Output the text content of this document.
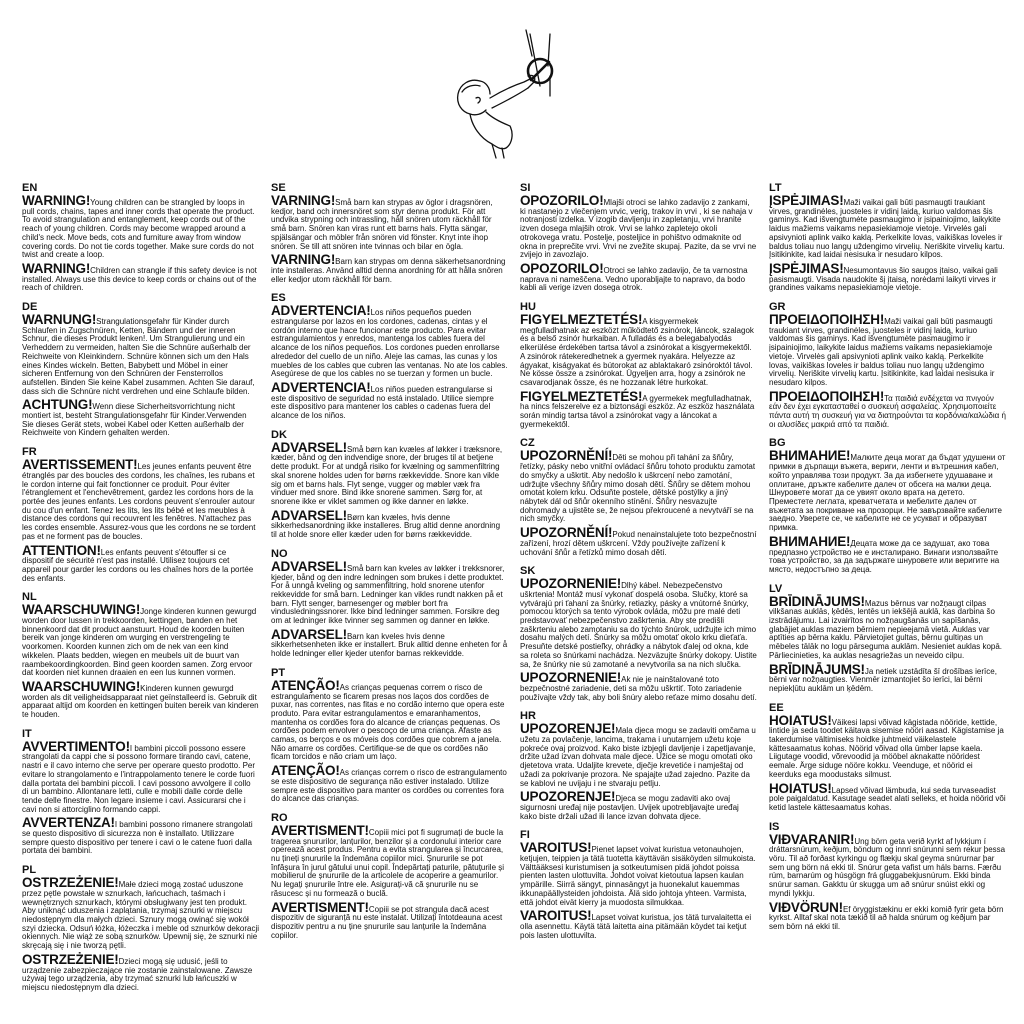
EN

WARNING!Young children can be strangled by loops in pull cords, chains, tapes and inner cords that operate the product. To avoid strangulation and entanglement, keep cords out of the reach of young children. Cords may become wrapped around a child's neck. Move beds, cots and furniture away from window covering cords. Do not tie cords together. Make sure cords do not twist and create a loop.

WARNING!Children can strangle if this safety device is not installed. Always use this device to keep cords or chains out of the reach of children.

DE

WARNUNG!Strangulationsgefahr für Kinder durch Schlaufen in Zugschnüren, Ketten, Bändern und der inneren Schnur, die dieses Produkt lenken!. Um Strangulierung und ein Verheddern zu vermeiden, halten Sie die Schnüre außerhalb der Reichweite von Kleinkindern. Schnüre können sich um den Hals eines Kindes wickeln. Betten, Babybett und Möbel in einer sicheren Entfernung von den Schnüren der Fensterrollos aufstellen. Binden Sie keine Kabel zusammen. Achten Sie darauf, dass sich die Schnüre nicht verdrehen und eine Schlaufe bilden.

ACHTUNG!Wenn diese Sicherheitsvorrichtung nicht montiert ist, besteht Strangulationsgefahr für Kinder.Verwenden Sie dieses Gerät stets, wobei Kabel oder Ketten außerhalb der Reichweite von Kindern gehalten werden.

FR

AVERTISSEMENT!Les jeunes enfants peuvent être étranglés par des boucles des cordons, les chaînes, les rubans et le cordon interne qui fait fonctionner ce produit. Pour éviter l'étranglement et l'enchevêtrement, gardez les cordons hors de la portée des jeunes enfants. Les cordons peuvent s'enrouler autour du cou d'un enfant. Tenez les lits, les lits bébé et les meubles à distance des cordons qui recouvrent les fenêtres. N'attachez pas les cordes ensemble. Assurez-vous que les cordons ne se tordent pas et ne forment pas de boucles.

ATTENTION!Les enfants peuvent s'étouffer si ce dispositif de sécurité n'est pas installé. Utilisez toujours cet appareil pour garder les cordons ou les chaînes hors de la portée des enfants.

NL

WAARSCHUWING!Jonge kinderen kunnen gewurgd worden door lussen in trekkoorden, kettingen, banden en het binnenkoord dat dit product aanstuurt. Houd de koorden buiten bereik van jonge kinderen om wurging en verstrengeling te voorkomen. Koorden kunnen zich om de nek van een kind wikkelen. Plaats bedden, wiegen en meubels uit de buurt van raambekoordingkoorden. Bind geen koorden samen. Zorg ervoor dat koorden niet kunnen draaien en een lus kunnen vormen.

WAARSCHUWING!Kinderen kunnen gewurgd worden als dit veiligheidsapparaat niet geïnstalleerd is. Gebruik dit apparaat altijd om koorden en kettingen buiten bereik van kinderen te houden.

IT

AVVERTIMENTO!I bambini piccoli possono essere strangolati da cappi che si possono formare tirando cavi, catene, nastri e il cavo interno che serve per operare questo prodotto. Per evitare lo strangolamento e l'intrappolamento tenere le corde fuori dalla portata dei bambini piccoli. I cavi possono avvolgere il collo di un bambino. Allontanare letti, culle e mobili dalle corde delle tende delle finestre. Non legare insieme i cavi. Assicurarsi che i cavi non si attorciglino formando cappi.

AVVERTENZA!I bambini possono rimanere strangolati se questo dispositivo di sicurezza non è installato. Utilizzare sempre questo dispositivo per tenere i cavi o le catene fuori dalla portata dei bambini.

PL

OSTRZEŻENIE!Małe dzieci mogą zostać uduszone przez pętle powstałe w sznurkach, łańcuchach, taśmach i wewnętrznych sznurkach, którymi obsługiwany jest ten produkt. Aby uniknąć uduszenia i zaplątania, trzymaj sznurki w miejscu niedostępnym dla małych dzieci. Sznury mogą owinąć się wokół szyi dziecka. Odsuń łóżka, łóżeczka i meble od sznurków dekoracji okiennych. Nie wiąż ze sobą sznurków. Upewnij się, że sznurki nie skręcają się i nie tworzą pętli.

OSTRZEŻENIE!Dzieci mogą się udusić, jeśli to urządzenie zabezpieczające nie zostanie zainstalowane. Zawsze używaj tego urządzenia, aby trzymać sznurki lub łańcuszki w miejscu niedostępnym dla dzieci.

SE

VARNING!Små barn kan strypas av öglor i dragsnören, kedjor, band och innersnöret som styr denna produkt. För att undvika strypning och intrassling, håll snören utom räckhåll för små barn. Snören kan viras runt ett barns hals. Flytta sängar, spjälsängar och möbler från snören vid fönster. Knyt inte ihop snören. Se till att snören inte tvinnas och bilar en ögla.

VARNING!Barn kan strypas om denna säkerhetsanordning inte installeras. Använd alltid denna anordning för att hålla snören eller kedjor utom räckhåll för barn.

ES

ADVERTENCIA!Los niños pequeños pueden estrangularse por lazos en los cordones, cadenas, cintas y el cordón interno que hace funcionar este producto. Para evitar estrangulamientos y enredos, mantenga los cables fuera del alcance de los niños pequeños. Los cordones pueden enrollarse alrededor del cuello de un niño. Aleje las camas, las cunas y los muebles de los cables que cubren las ventanas. No ate los cables. Asegúrese de que los cables no se tuerzan y formen un bucle.

ADVERTENCIA!Los niños pueden estrangularse si este dispositivo de seguridad no está instalado. Utilice siempre este dispositivo para mantener los cables o cadenas fuera del alcance de los niños.

DK

ADVARSEL!Små børn kan kvæles af løkker i træksnore, kæder, bånd og den indvendige snore, der bruges til at betjene dette produkt. For at undgå risiko for kvælning og sammenfiltring skal snorene holdes uden for børns rækkevidde. Snore kan vikle sig om et barns hals. Flyt senge, vugger og møbler væk fra vinduer med snore. Bind ikke snorene sammen. Sørg for, at snorene ikke er viklet sammen og ikke danner en løkke.

ADVARSEL!Børn kan kvæles, hvis denne sikkerhedsanordning ikke installeres. Brug altid denne anordning til at holde snore eller kæder uden for børns rækkevidde.

NO

ADVARSEL!Små barn kan kveles av løkker i trekksnorer, kjeder, bånd og den indre ledningen som brukes i dette produktet. For å unngå kveling og sammenfiltring, hold snorene utenfor rekkevidde for små barn. Ledninger kan vikles rundt nakken på et barn. Flytt senger, barnesenger og møbler bort fra vindusledningssnorer. Ikke bind ledninger sammen. Forsikre deg om at ledninger ikke tvinner seg sammen og danner en løkke.

ADVARSEL!Barn kan kveles hvis denne sikkerhetsenheten ikke er installert. Bruk alltid denne enheten for å holde ledninger eller kjeder utenfor barnas rekkevidde.

PT

ATENÇÃO!As crianças pequenas correm o risco de estrangulamento se ficarem presas nos laços dos cordões de puxar, nas correntes, nas fitas e no cordão interno que opera este produto. Para evitar estrangulamentos e emaranhamentos, mantenha os cordões fora do alcance de crianças pequenas. Os cordões podem envolver o pescoço de uma criança. Afaste as camas, os berços e os móveis dos cordões que cobrem a janela. Não amarre os cordões. Certifique-se de que os cordões não ficam torcidos e não criam um laço.

ATENÇÃO!As crianças correm o risco de estrangulamento se este dispositivo de segurança não estiver instalado. Utilize sempre este dispositivo para manter os cordões ou correntes fora do alcance das crianças.

RO

AVERTISMENT!Copiii mici pot fi sugrumați de bucle la tragerea șnururilor, lanțurilor, benzilor și a cordonului interior care operează acest produs. Pentru a evita strangularea și încurcarea, nu țineți șnururile la îndemâna copiilor mici. Șnururile se pot înfășura în jurul gâtului unui copil. Îndepărtați paturile, pătuțurile și mobilierul de șnururile de la articolele de acoperire a geamurilor. Nu legați șnururile între ele. Asigurați-vă că șnururile nu se răsucesc și nu formează o buclă.

AVERTISMENT!Copiii se pot strangula dacă acest dispozitiv de siguranță nu este instalat. Utilizați întotdeauna acest dispozitiv pentru a nu ține șnururile sau lanțurile la îndemâna copiilor.

SI

OPOZORILO!Mlajši otroci se lahko zadavijo z zankami, ki nastanejo z vlečenjem vrvic, verig, trakov in vrvi , ki se nahaja v notranjosti izdelka. V izogib davljenju in zapletanju, vrvi hranite izven dosega mlajših otrok. Vrvi se lahko zapletejo okoli otrokovega vratu. Postelje, posteljice in pohištvo odmaknite od okna in preprečite vrvi. Vrvi ne zvežite skupaj. Pazite, da se vrvi ne zvijejo in zavozlajo.

OPOZORILO!Otroci se lahko zadavijo, če ta varnostna naprava ni nameščena. Vedno uporabljajte to napravo, da bodo kabli ali verige izven dosega otrok.

HU

FIGYELMEZTETÉS!A kisgyermekek megfulladhatnak az eszközt működtető zsinórok, láncok, szalagok és a belső zsinór hurkaiban. A fulladás és a belegabalyodás elkerülése érdekében tartsa távol a zsinórokat a kisgyermekektől. A zsinórok rátekeredhetnek a gyermek nyakára. Helyezze az ágyakat, kiságyakat és bútorokat az ablaktakaró zsinóroktól távol. Ne kösse össze a zsinórokat. Ügyeljen arra, hogy a zsinórok ne csavarodjanak össze, és ne hozzanak létre hurkokat.

FIGYELMEZTETÉS!A gyermekek megfulladhatnak, ha nincs felszerelve ez a biztonsági eszköz. Az eszköz használata során mindig tartsa távol a zsinórokat vagy a láncokat a gyermekektől.

CZ

UPOZORNĚNÍ!Děti se mohou při tahání za šňůry, řetízky, pásky nebo vnitřní ovládací šňůru tohoto produktu zamotat do smyčky a uškrtit. Aby nedošlo k uškrcení nebo zamotání, udržujte všechny šňůry mimo dosah dětí. Šňůry se dětem mohou omotat kolem krku. Odsuňte postele, dětské postýlky a jiný nábytek dál od šňůr okenního stínění. Šňůry nesvazujte dohromady a ujistěte se, že nejsou překroucené a nevytváří se na nich smyčky.

UPOZORNĚNÍ!Pokud nenainstalujete toto bezpečnostní zařízení, hrozí dětem uškrcení. Vždy používejte zařízení k uchování šňůr a řetízků mimo dosah dětí.

SK

UPOZORNENIE!Dlhý kábel. Nebezpečenstvo uškrtenia! Montáž musí vykonať dospelá osoba. Slučky, ktoré sa vytvárajú pri ťahaní za šnúrky, retiazky, pásky a vnútorné šnúrky, pomocou ktorých sa tento výrobok ovláda, môžu pre malé deti predstavovať nebezpečenstvo zaškrtenia. Aby ste predišli zaškrteniu alebo zamotaniu sa do týchto šnúrok, udržujte ich mimo dosahu malých detí. Šnúrky sa môžu omotať okolo krku dieťaťa. Presuňte detské postieľky, ohrádky a nábytok ďalej od okna, kde sa roleta so šnúrkami nachádza. Nezväzujte šnúrky dokopy. Uistite sa, že šnúrky nie sú zamotané a nevytvorila sa na nich slučka.

UPOZORNENIE!Ak nie je nainštalované toto bezpečnostné zariadenie, deti sa môžu uškrtiť. Toto zariadenie používajte vždy tak, aby boli šnúry alebo reťaze mimo dosahu detí.

HR

UPOZORENJE!Mala djeca mogu se zadaviti omčama u užetu za povlačenje, lancima, trakama i unutarnjem užetu koje pokreće ovaj proizvod. Kako biste izbjegli davljenje i zapetljavanje, držite užad izvan dohvata male djece. Užice se mogu omotati oko djetetova vrata. Udaljite krevete, dječje krevetiće i namještaj od užadi za pokrivanje prozora. Ne spajajte užad zajedno. Pazite da se kablovi ne uvijaju i ne stvaraju petlju.

UPOZORENJE!Djeca se mogu zadaviti ako ovaj sigurnosni uređaj nije postavljen. Uvijek upotrebljavajte uređaj kako biste držali užad ili lance izvan dohvata djece.

FI

VAROITUS!Pienet lapset voivat kuristua vetonauhojen, ketjujen, teippien ja tätä tuotetta käyttävän sisäköyden silmukoista. Välttääksesi kuristumisen ja sotkeutumisen pidä johdot poissa pienten lasten ulottuvilta. Johdot voivat kietoutua lapsen kaulan ympärille. Siirrä sängyt, pinnasängyt ja huonekalut kauemmas ikkunapäällysteiden johdoista. Älä sido johtoja yhteen. Varmista, että johdot eivät kierry ja muodosta silmukkaa.

VAROITUS!Lapset voivat kuristua, jos tätä turvalaitetta ei olla asennettu. Käytä tätä laitetta aina pitämään köydet tai ketjut pois lasten ulottuvilta.

LT

ĮSPĖJIMAS!Maži vaikai gali būti pasmaugti traukiant virves, grandinėles, juosteles ir vidinį laidą, kuriuo valdomas šis gaminys. Kad išvengtumėte pasmaugimo ir įsipainiojimo, laikykite laidus mažiems vaikams nepasiekiamoje vietoje. Virvelės gali apsivynioti aplink vaiko kaklą. Perkelkite lovas, vaikiškas loveles ir baldus toliau nuo langų uždengimo virvelių. Neriškite virvelių kartu. Įsitikinkite, kad laidai nesisuka ir nesudaro kilpos.

ĮSPĖJIMAS!Nesumontavus šio saugos įtaiso, vaikai gali pasismaugti. Visada naudokite šį įtaisą, norėdami laikyti virves ir grandines vaikams nepasiekiamoje vietoje.

GR

ΠΡΟΕΙΔΟΠΟΙΗΣΗ!Maži vaikai gali būti pasmaugti traukiant virves, grandinėles, juosteles ir vidinį laidą, kuriuo valdomas šis gaminys. Kad išvengtumėte pasmaugimo ir įsipainiojimo, laikykite laidus mažiems vaikams nepasiekiamoje vietoje. Virvelės gali apsivynioti aplink vaiko kaklą. Perkelkite lovas, vaikiškas loveles ir baldus toliau nuo langų uždengimo virvelių. Neriškite virvelių kartu. Įsitikinkite, kad laidai nesisuka ir nesudaro kilpos.

ΠΡΟΕΙΔΟΠΟΙΗΣΗ!Τα παιδιά ενδέχεται να πνιγούν εάν δεν έχει εγκατασταθεί ο συσκευή ασφαλείας. Χρησιμοποιείτε πάντα αυτή τη συσκευή για να διατηρούνται τα κορδόνια/καλώδια ή οι αλυσίδες μακριά από τα παιδιά.

BG

ВНИМАНИЕ!Малките деца могат да бъдат удушени от примки в дърпащи въжета, вериги, ленти и вътрешния кабел, който управлява този продукт. За да избегнете удушаване и оплитане, дръжте кабелите далеч от обсега на малки деца. Шнуровете могат да се увият около врата на детето. Преместете леглата, креватчетата и мебелите далеч от въжетата за покриване на прозорци. Не завързвайте кабелите заедно. Уверете се, че кабелите не се усукват и образуват примка.

ВНИМАНИЕ!Децата може да се задушат, ако това предпазно устройство не е инсталирано. Винаги използвайте това устройство, за да задържате шнуровете или веригите на място, недостъпно за деца.

LV

BRĪDINĀJUMS!Mazus bērnus var nožņaugt cilpas vilkšanas auklās, ķēdēs, lentēs un iekšējā auklā, kas darbina šo izstrādājumu. Lai izvairītos no nožņaugšanās un sapīšanās, glabājiet auklas maziem bērniem nepieejamā vietā. Auklas var aptīties ap bērna kaklu. Pārvietojiet gultas, bērnu gultiņas un mēbeles tālāk no logu pārseguma auklām. Nesieniet auklas kopā. Pārliecinieties, ka auklas nesagriežas un neveido cilpu.

BRĪDINĀJUMS!Ja netiek uzstādīta šī drošības ierīce, bērni var nožņaugties. Vienmēr izmantojiet šo ierīci, lai bērni nepiekļūtu auklām un ķēdēm.

EE

HOIATUS!Väikesi lapsi võivad kägistada nööride, kettide, lintide ja seda toodet käitava sisemise nööri aasad. Kägistamise ja takerdumise vältimiseks hoidke juhtmeid väikelastele kättesaamatus kohas. Nöörid võivad olla ümber lapse kaela. Liigutage voodid, võrevoodid ja mööbel aknakatte nööridest eemale. Ärge siduge nööre kokku. Veenduge, et nöörid ei keerduks ega moodustaks silmust.

HOIATUS!Lapsed võivad lämbuda, kui seda turvaseadist pole paigaldatud. Kasutage seadet alati selleks, et hoida nöörid või ketid lastele kättesaamatus kohas.

IS

VIÐVARANIR!Ung börn geta verið kyrkt af lykkjum í dráttarsnúrum, keðjum, böndum og innri snúrunni sem rekur þessa vöru. Til að forðast kyrkingu og flækju skal geyma snúrurnar þar sem ung börn ná ekki til. Snúrur geta vafist um háls barns. Færðu rúm, barnarúm og húsgögn frá gluggabekjusnúrum. Ekki binda snúrur saman. Gakktu úr skugga um að snúrur snúist ekki og myndi lykkju.

VIÐVÖRUN!Ef öryggistækinu er ekki komið fyrir geta börn kyrkst. Alltaf skal nota tækið til að halda snúrum og keðjum þar sem börn ná ekki til.
